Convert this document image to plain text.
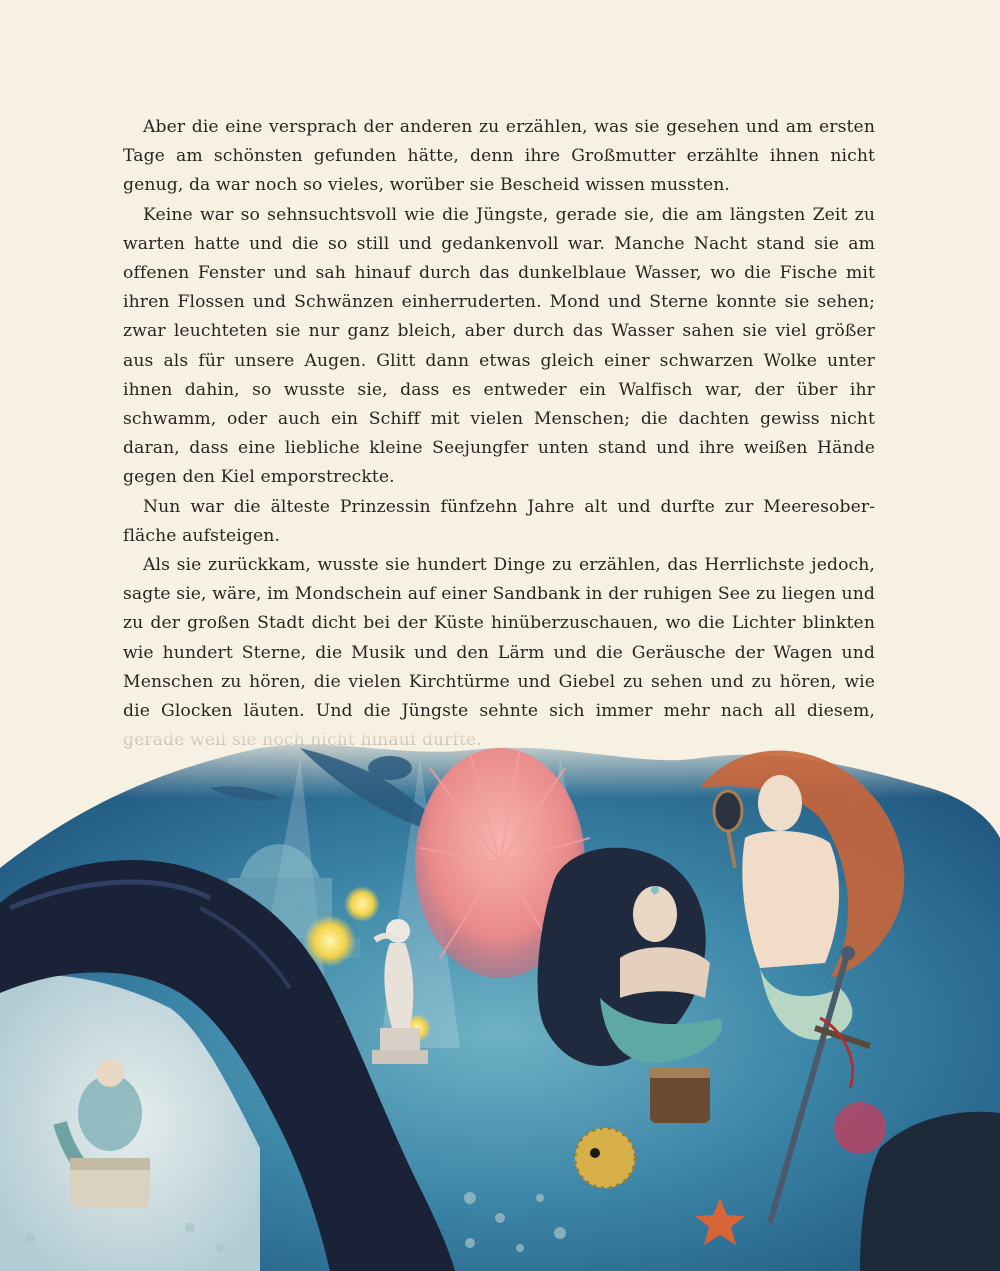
Aber die eine versprach der anderen zu erzählen, was sie gesehen und am ersten Tage am schönsten gefunden hätte, denn ihre Großmutter erzählte ihnen nicht genug, da war noch so vieles, worüber sie Bescheid wissen mussten.

Keine war so sehnsuchtsvoll wie die Jüngste, gerade sie, die am längsten Zeit zu warten hatte und die so still und gedankenvoll war. Manche Nacht stand sie am offenen Fenster und sah hinauf durch das dunkelblaue Wasser, wo die Fische mit ihren Flossen und Schwänzen einherruderten. Mond und Sterne konnte sie sehen; zwar leuchteten sie nur ganz bleich, aber durch das Wasser sahen sie viel größer aus als für unsere Augen. Glitt dann etwas gleich einer schwarzen Wolke unter ihnen dahin, so wusste sie, dass es entweder ein Walfisch war, der über ihr schwamm, oder auch ein Schiff mit vielen Menschen; die dachten gewiss nicht daran, dass eine liebliche kleine Seejungfer unten stand und ihre weißen Hände gegen den Kiel emporstreckte.

Nun war die älteste Prinzessin fünfzehn Jahre alt und durfte zur Meeresoberfläche aufsteigen.

Als sie zurückkam, wusste sie hundert Dinge zu erzählen, das Herrlichste jedoch, sagte sie, wäre, im Mondschein auf einer Sandbank in der ruhigen See zu liegen und zu der großen Stadt dicht bei der Küste hinüberzuschauen, wo die Lichter blinkten wie hundert Sterne, die Musik und den Lärm und die Geräusche der Wagen und Menschen zu hören, die vielen Kirchtürme und Giebel zu sehen und zu hören, wie die Glocken läuten. Und die Jüngste sehnte sich immer mehr nach all diesem,
